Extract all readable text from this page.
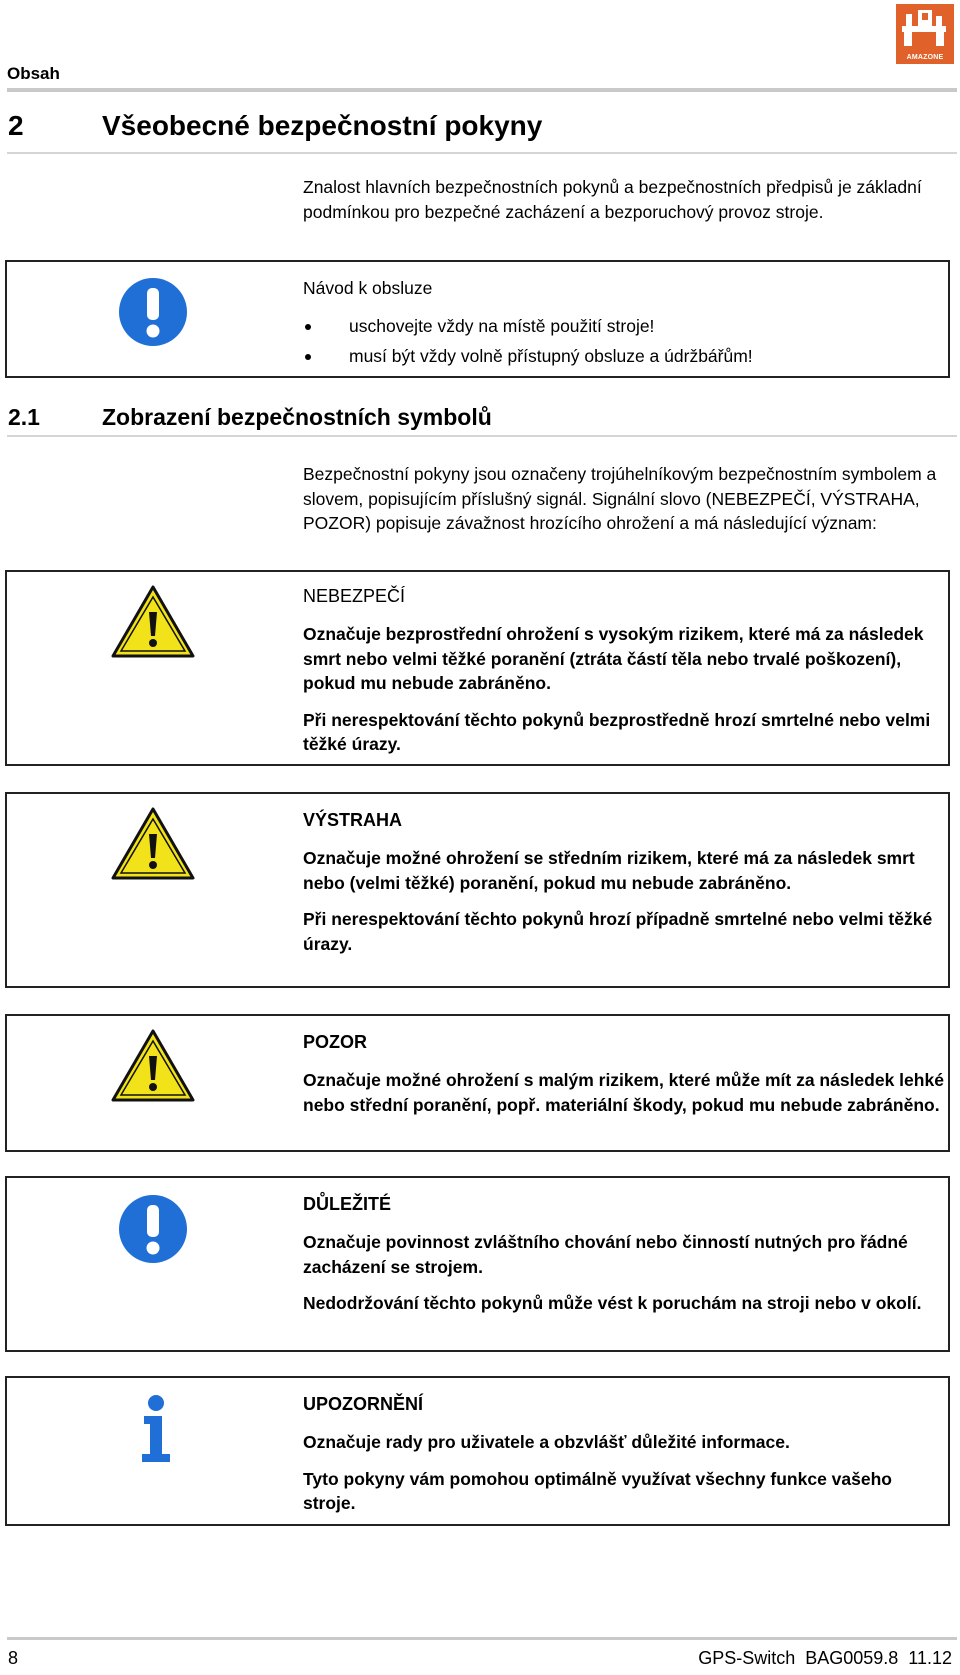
AMAZONE
Obsah
2	Všeobecné bezpečnostní pokyny
Znalost hlavních bezpečnostních pokynů a bezpečnostních předpisů je základní podmínkou pro bezpečné zacházení a bezporuchový provoz stroje.
Návod k obsluze
uschovejte vždy na místě použití stroje!
musí být vždy volně přístupný obsluze a údržbářům!
2.1	Zobrazení bezpečnostních symbolů
Bezpečnostní pokyny jsou označeny trojúhelníkovým bezpečnostním symbolem a slovem, popisujícím příslušný signál. Signální slovo (NEBEZPEČÍ, VÝSTRAHA, POZOR) popisuje závažnost hrozícího ohrožení a má následující význam:
NEBEZPEČÍ

Označuje bezprostřední ohrožení s vysokým rizikem, které má za následek smrt nebo velmi těžké poranění (ztráta částí těla nebo trvalé poškození), pokud mu nebude zabráněno.

Při nerespektování těchto pokynů bezprostředně hrozí smrtelné nebo velmi těžké úrazy.

VÝSTRAHA

Označuje možné ohrožení se středním rizikem, které má za následek smrt nebo (velmi těžké) poranění, pokud mu nebude zabráněno.

Při nerespektování těchto pokynů hrozí případně smrtelné nebo velmi těžké úrazy.

POZOR

Označuje možné ohrožení s malým rizikem, které může mít za následek lehké nebo střední poranění, popř. materiální škody, pokud mu nebude zabráněno.

DŮLEŽITÉ

Označuje povinnost zvláštního chování nebo činností nutných pro řádné zacházení se strojem.

Nedodržování těchto pokynů může vést k poruchám na stroji nebo v okolí.

UPOZORNĚNÍ

Označuje rady pro uživatele a obzvlášť důležité informace.

Tyto pokyny vám pomohou optimálně využívat všechny funkce vašeho stroje.

8	GPS-Switch  BAG0059.8  11.12
